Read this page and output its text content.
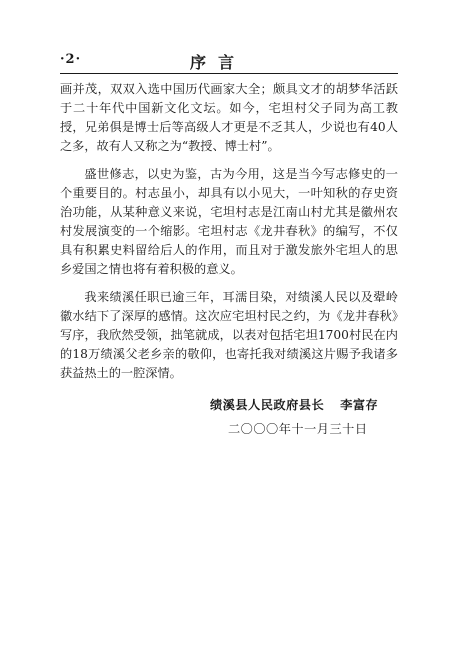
·2·	序言

画并茂，双双入选中国历代画家大全；颇具文才的胡梦华活跃于二十年代中国新文化文坛。如今，宅坦村父子同为高工教授，兄弟俱是博士后等高级人才更是不乏其人，少说也有40人之多，故有人又称之为“教授、博士村”。

盛世修志，以史为鉴，古为今用，这是当今写志修史的一个重要目的。村志虽小，却具有以小见大，一叶知秋的存史资治功能，从某种意义来说，宅坦村志是江南山村尤其是徽州农村发展演变的一个缩影。宅坦村志《龙井春秋》的编写，不仅具有积累史料留给后人的作用，而且对于激发旅外宅坦人的思乡爱国之情也将有着积极的意义。

我来绩溪任职已逾三年，耳濡目染，对绩溪人民以及翚岭徽水结下了深厚的感情。这次应宅坦村民之约，为《龙井春秋》写序，我欣然受领，拙笔就成，以表对包括宅坦1700村民在内的18万绩溪父老乡亲的敬仰，也寄托我对绩溪这片赐予我诸多获益热土的一腔深情。

绩溪县人民政府县长 李富存
二〇〇〇年十一月三十日
